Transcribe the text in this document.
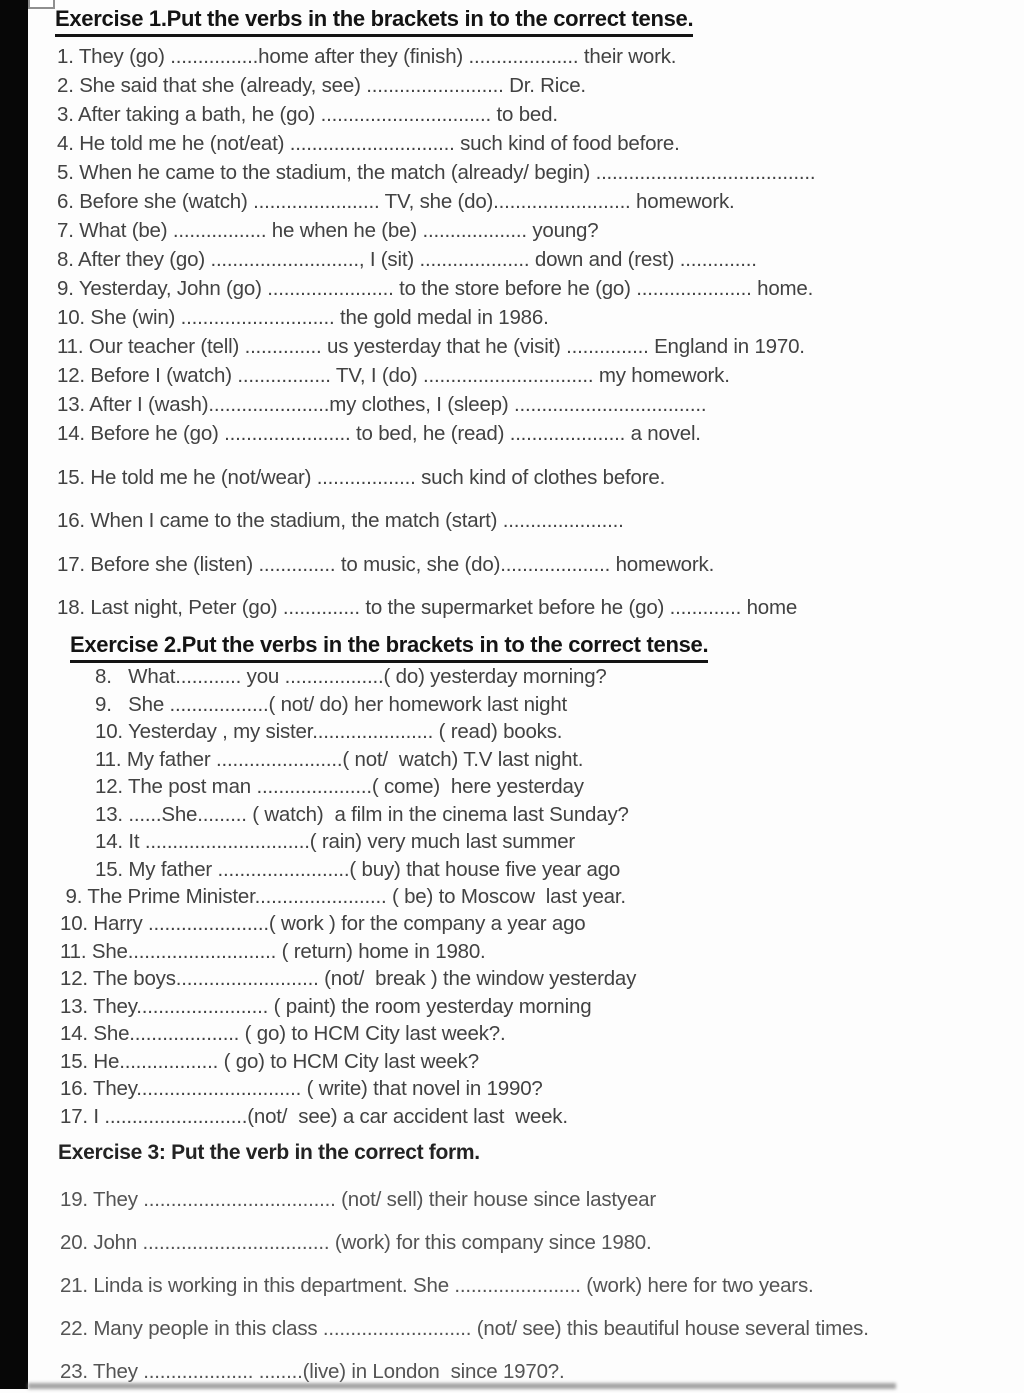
Exercise 1.Put the verbs in the brackets in to the correct tense.
1. They (go) ................home after they (finish) .................... their work.
2. She said that she (already, see) ......................... Dr. Rice.
3. After taking a bath, he (go) ............................... to bed.
4. He told me he (not/eat) .............................. such kind of food before.
5. When he came to the stadium, the match (already/ begin) ........................................
6. Before she (watch) ....................... TV, she (do)......................... homework.
7. What (be) ................. he when he (be) ................... young?
8. After they (go) ..........................., I (sit) .................... down and (rest) ..............
9. Yesterday, John (go) ....................... to the store before he (go) ..................... home.
10. She (win) ............................ the gold medal in 1986.
11. Our teacher (tell) .............. us yesterday that he (visit) ............... England in 1970.
12. Before I (watch) ................. TV, I (do) ............................... my homework.
13. After I (wash)......................my clothes, I (sleep) ...................................
14. Before he (go) ....................... to bed, he (read) ..................... a novel.
15. He told me he (not/wear) .................. such kind of clothes before.
16. When I came to the stadium, the match (start) ......................
17. Before she (listen) .............. to music, she (do).................... homework.
18. Last night, Peter (go) .............. to the supermarket before he (go) ............. home
Exercise 2.Put the verbs in the brackets in to the correct tense.
8.   What............ you ..................( do) yesterday morning?
9.   She ..................( not/ do) her homework last night
10. Yesterday , my sister...................... ( read) books.
11. My father .......................( not/  watch) T.V last night.
12. The post man .....................( come)  here yesterday
13. ......She......... ( watch)  a film in the cinema last Sunday?
14. It ..............................( rain) very much last summer
15. My father ........................( buy) that house five year ago
9. The Prime Minister........................ ( be) to Moscow  last year.
10. Harry ......................( work ) for the company a year ago
11. She........................... ( return) home in 1980.
12. The boys.......................... (not/  break ) the window yesterday
13. They........................ ( paint) the room yesterday morning
14. She.................... ( go) to HCM City last week?.
15. He.................. ( go) to HCM City last week?
16. They.............................. ( write) that novel in 1990?
17. I ..........................(not/  see) a car accident last  week.
Exercise 3: Put the verb in the correct form.
19. They ................................... (not/ sell) their house since lastyear
20. John .................................. (work) for this company since 1980.
21. Linda is working in this department. She ....................... (work) here for two years.
22. Many people in this class ........................... (not/ see) this beautiful house several times.
23. They .................... ........(live) in London  since 1970?.
